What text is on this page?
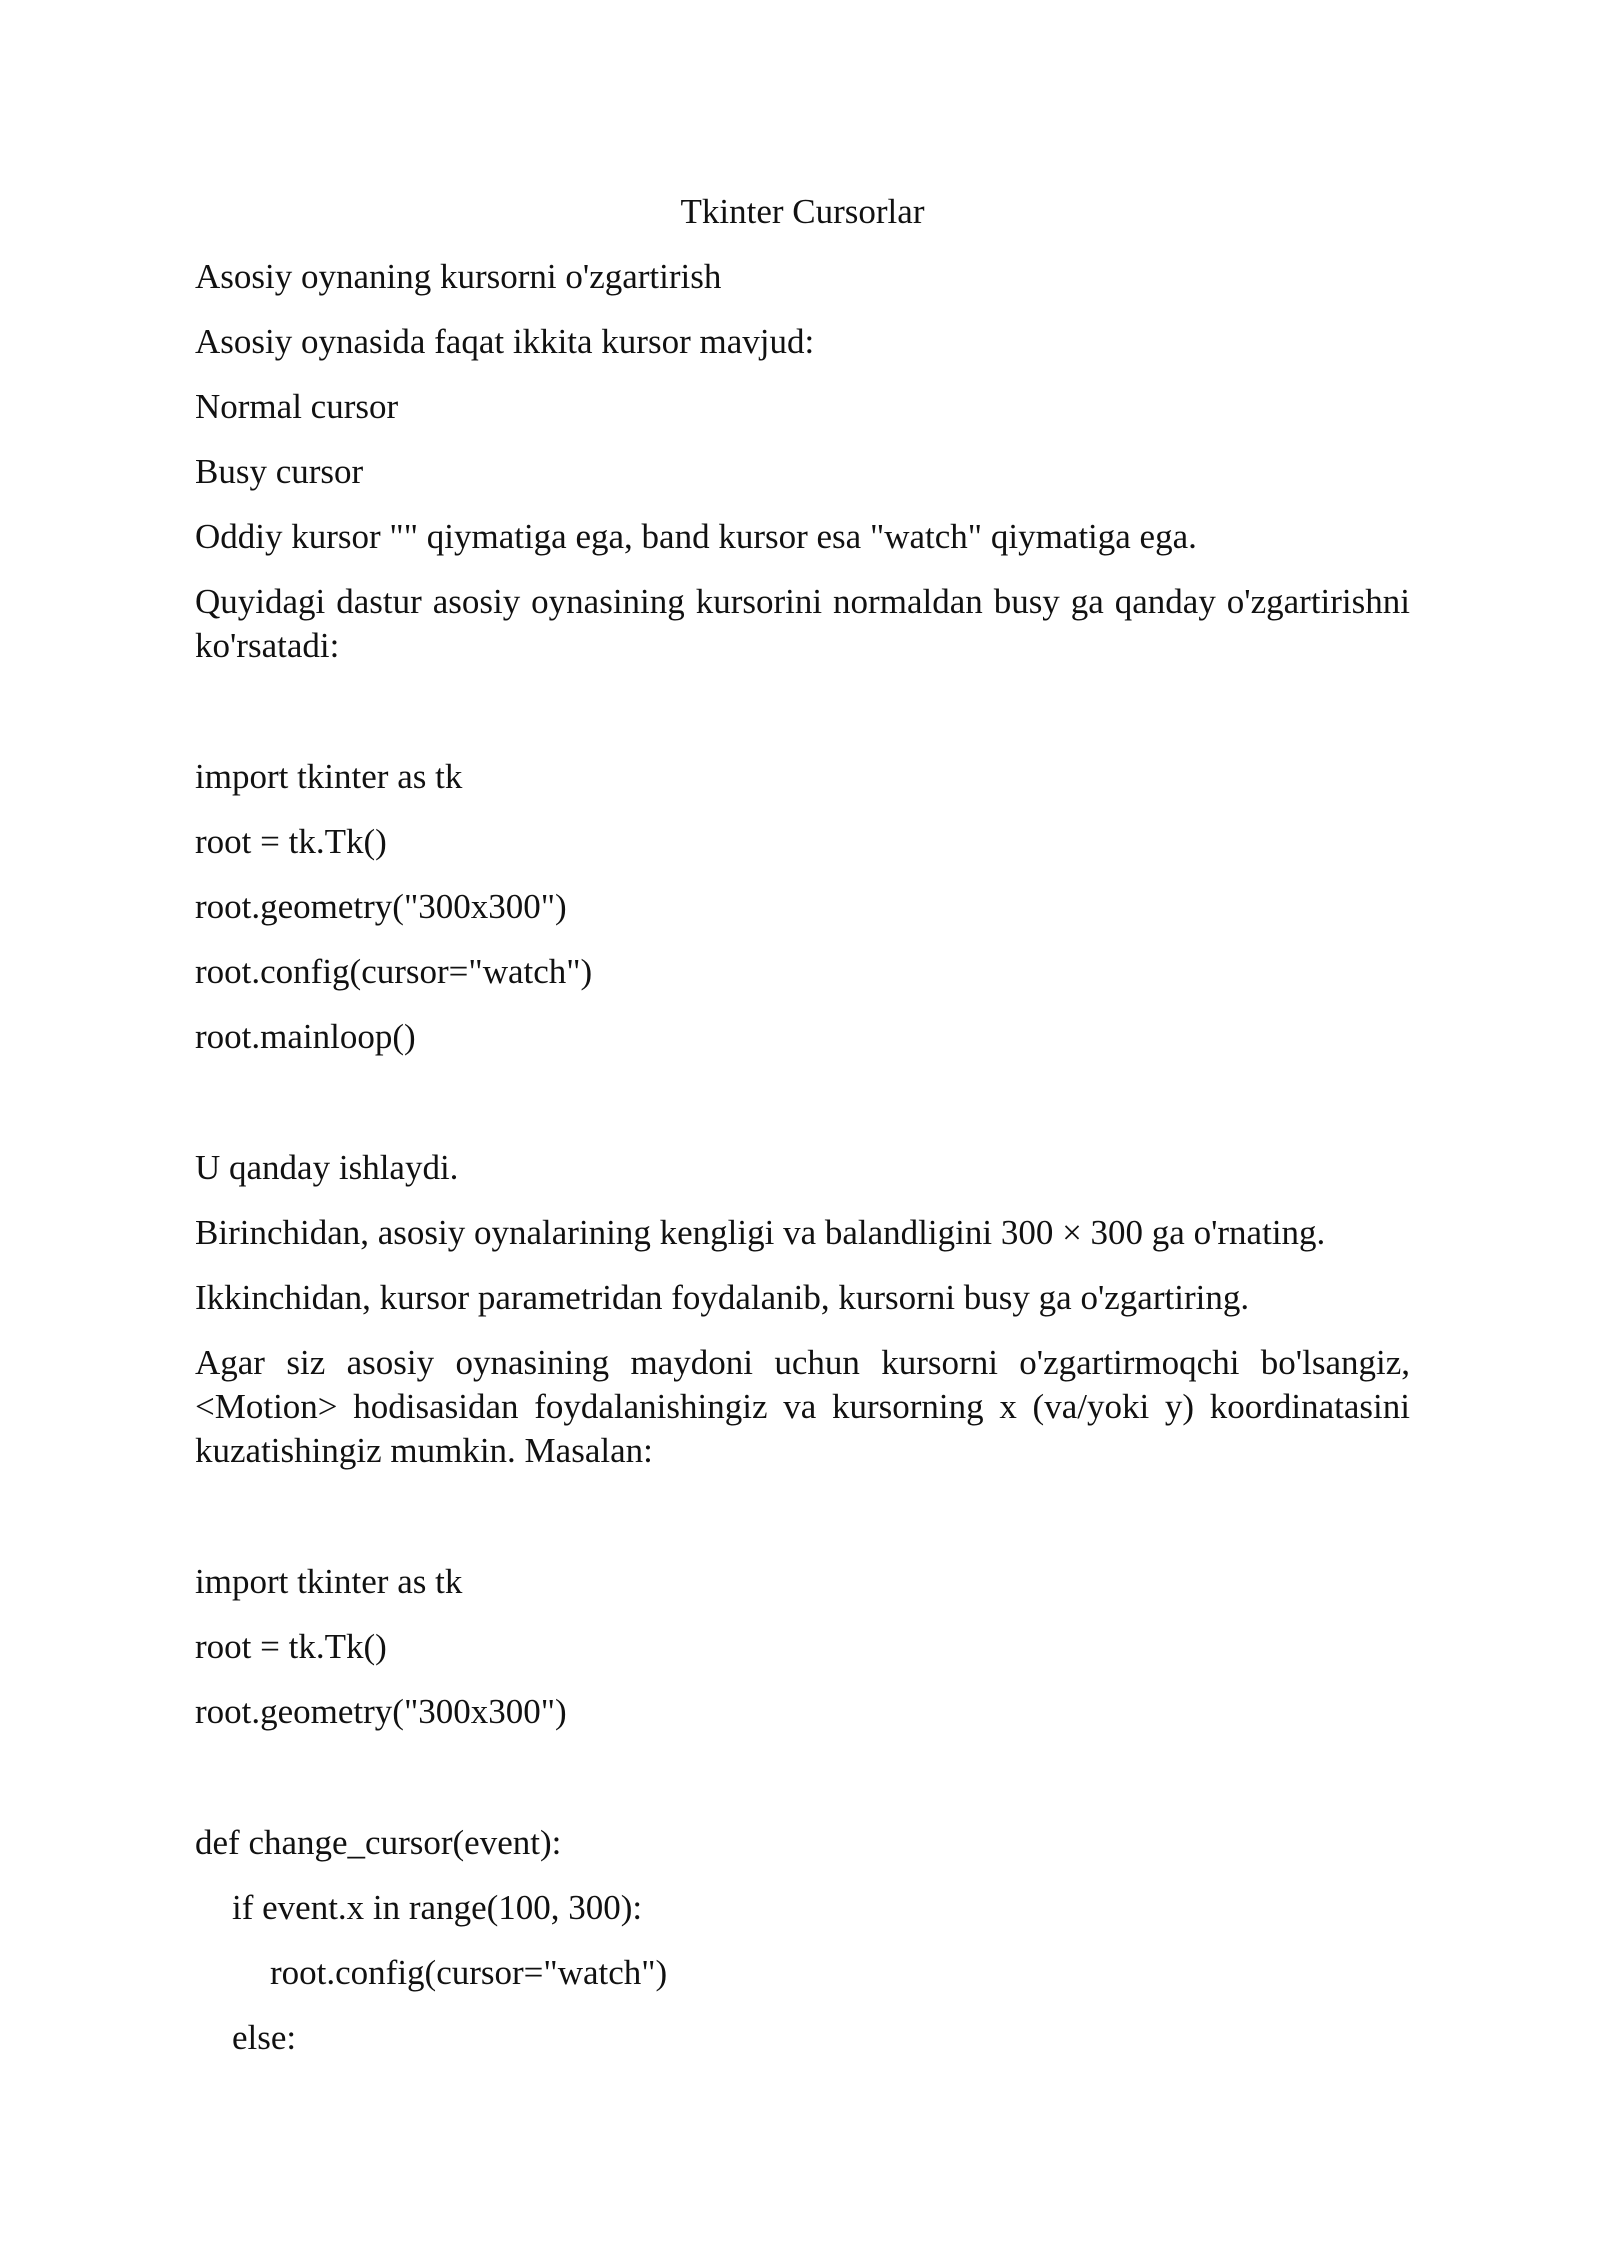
Tkinter Cursorlar
Asosiy oynaning kursorni o'zgartirish
Asosiy oynasida faqat ikkita kursor mavjud:
Normal cursor
Busy cursor
Oddiy kursor "" qiymatiga ega, band kursor esa "watch" qiymatiga ega.
Quyidagi dastur asosiy oynasining kursorini normaldan busy ga qanday o'zgartirishni ko'rsatadi:
import tkinter as tk
root = tk.Tk()
root.geometry("300x300")
root.config(cursor="watch")
root.mainloop()
U qanday ishlaydi.
Birinchidan, asosiy oynalarining kengligi va balandligini 300 × 300 ga o'rnating.
Ikkinchidan, kursor parametridan foydalanib, kursorni busy ga o'zgartiring.
Agar siz asosiy oynasining maydoni uchun kursorni o'zgartirmoqchi bo'lsangiz, <Motion> hodisasidan foydalanishingiz va kursorning x (va/yoki y) koordinatasini kuzatishingiz mumkin. Masalan:
import tkinter as tk
root = tk.Tk()
root.geometry("300x300")
def change_cursor(event):
if event.x in range(100, 300):
root.config(cursor="watch")
else:
